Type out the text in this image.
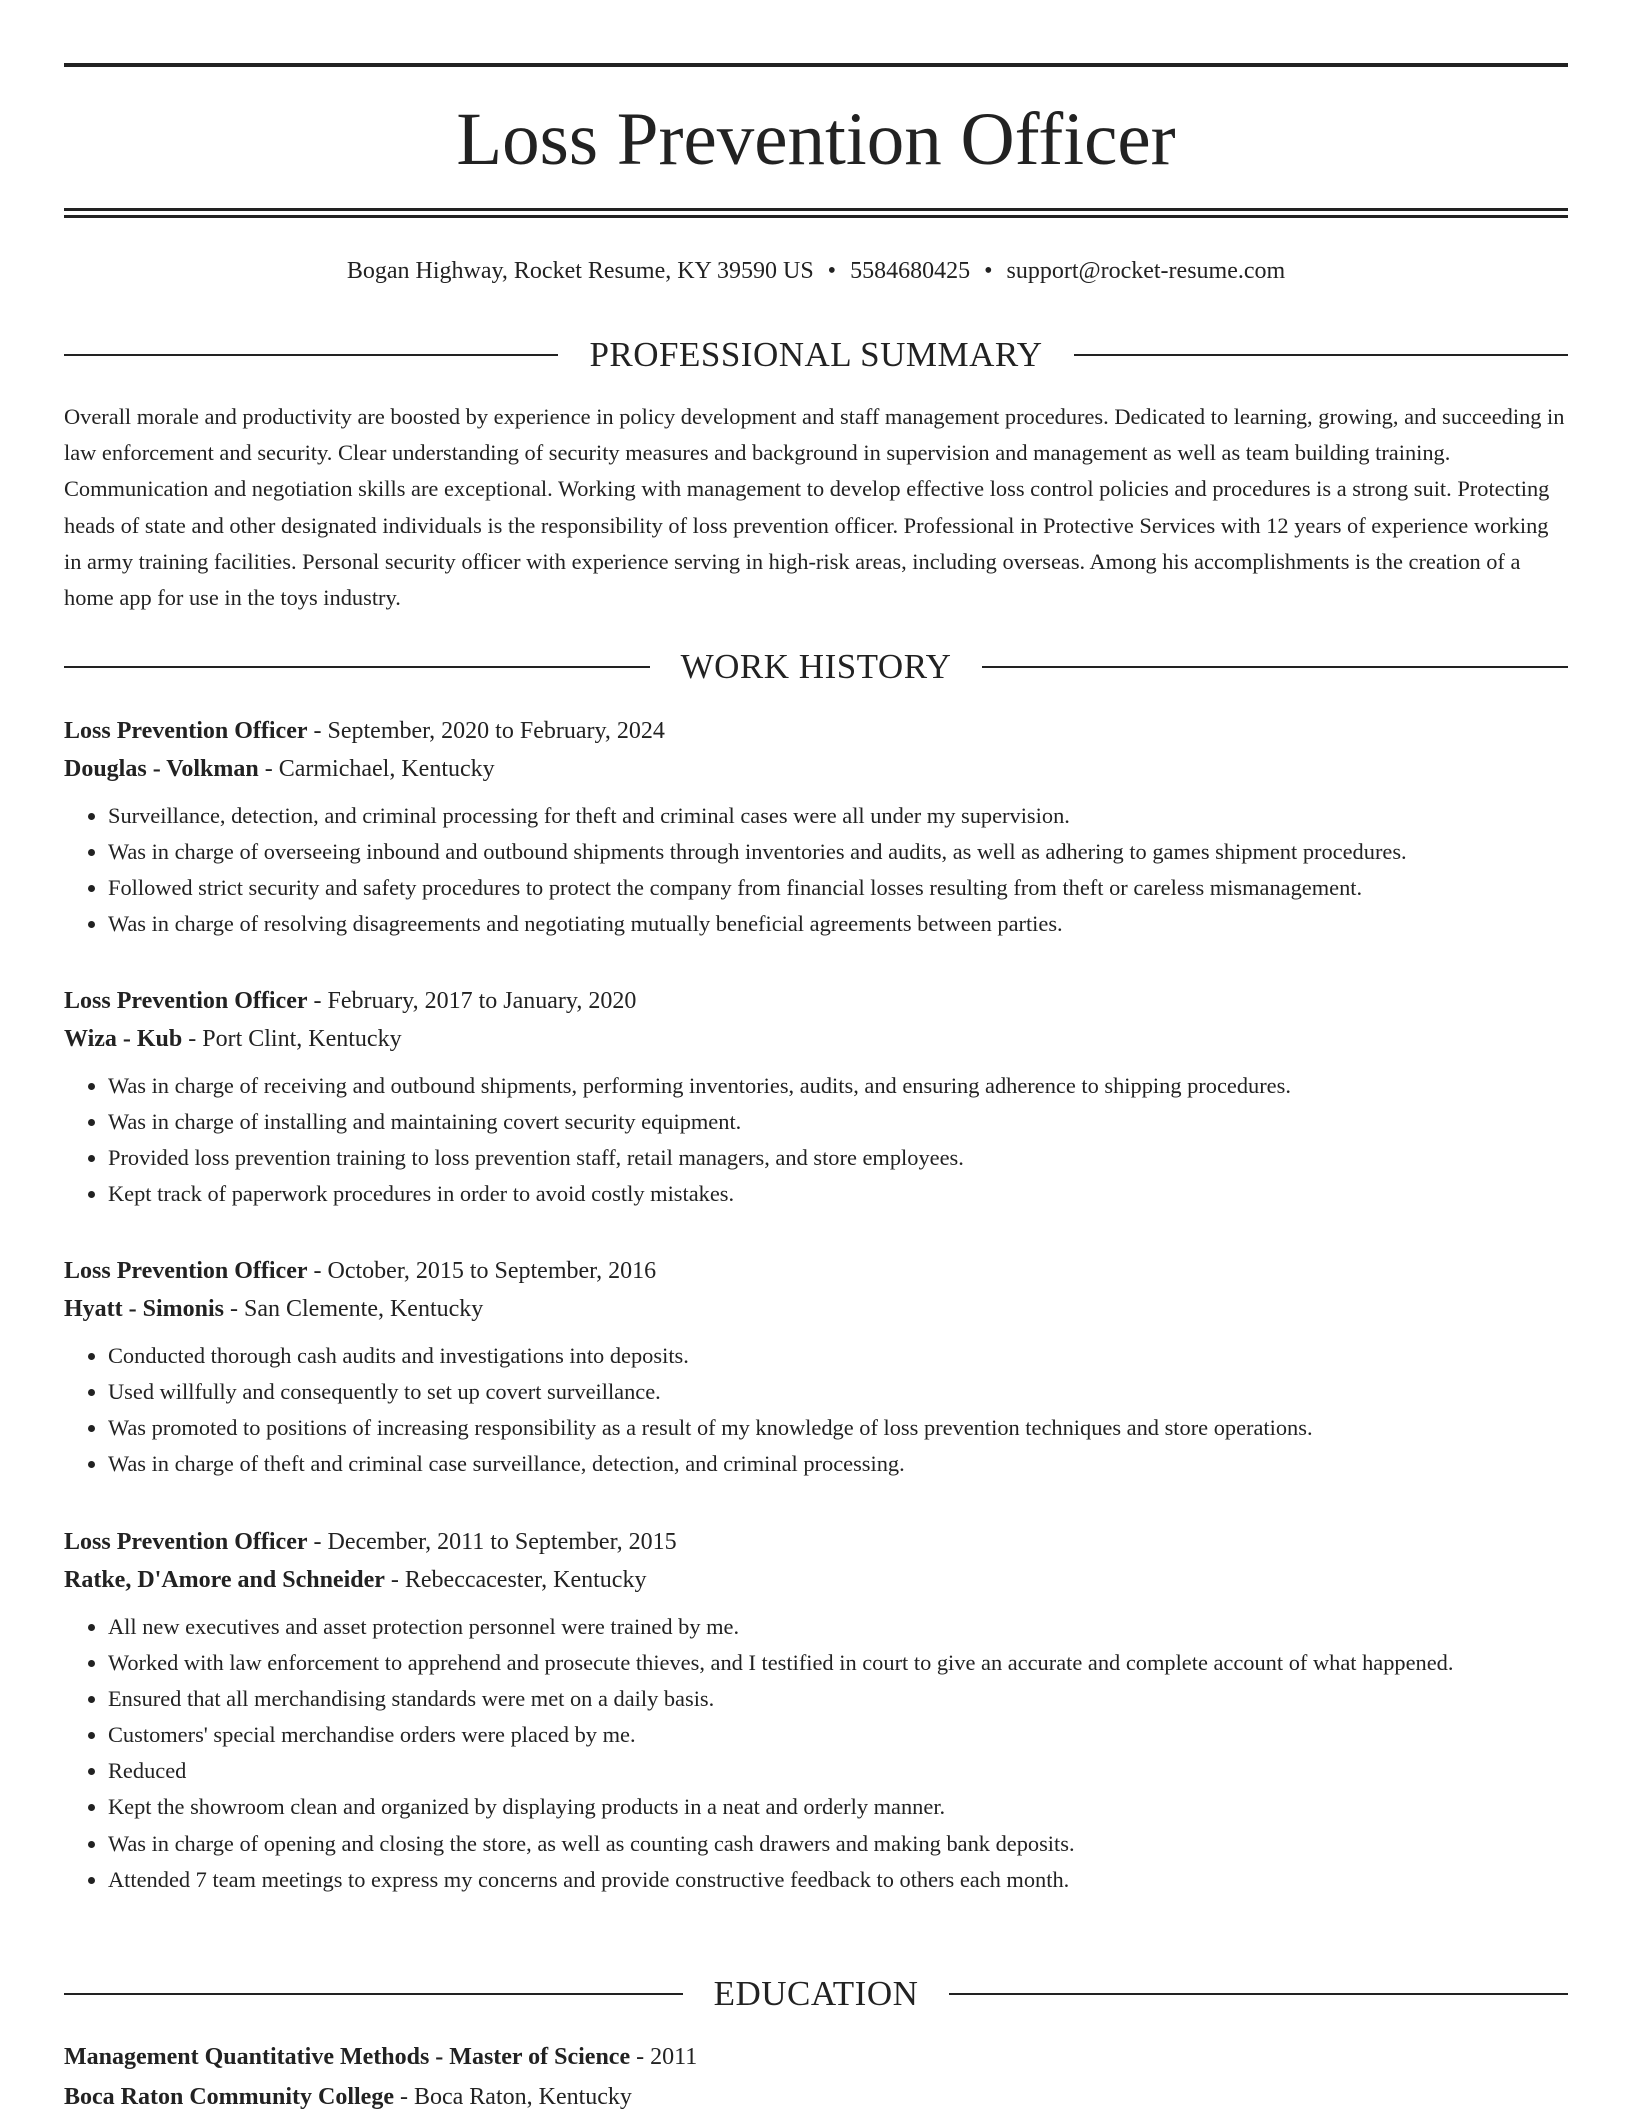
Loss Prevention Officer
Bogan Highway, Rocket Resume, KY 39590 US • 5584680425 • support@rocket-resume.com
PROFESSIONAL SUMMARY

Overall morale and productivity are boosted by experience in policy development and staff management procedures. Dedicated to learning, growing, and succeeding in law enforcement and security. Clear understanding of security measures and background in supervision and management as well as team building training. Communication and negotiation skills are exceptional. Working with management to develop effective loss control policies and procedures is a strong suit. Protecting heads of state and other designated individuals is the responsibility of loss prevention officer. Professional in Protective Services with 12 years of experience working in army training facilities. Personal security officer with experience serving in high-risk areas, including overseas. Among his accomplishments is the creation of a home app for use in the toys industry.

WORK HISTORY
Loss Prevention Officer - September, 2020 to February, 2024
Douglas - Volkman - Carmichael, Kentucky
• Surveillance, detection, and criminal processing for theft and criminal cases were all under my supervision.
• Was in charge of overseeing inbound and outbound shipments through inventories and audits, as well as adhering to games shipment procedures.
• Followed strict security and safety procedures to protect the company from financial losses resulting from theft or careless mismanagement.
• Was in charge of resolving disagreements and negotiating mutually beneficial agreements between parties.
Loss Prevention Officer - February, 2017 to January, 2020
Wiza - Kub - Port Clint, Kentucky
• Was in charge of receiving and outbound shipments, performing inventories, audits, and ensuring adherence to shipping procedures.
• Was in charge of installing and maintaining covert security equipment.
• Provided loss prevention training to loss prevention staff, retail managers, and store employees.
• Kept track of paperwork procedures in order to avoid costly mistakes.
Loss Prevention Officer - October, 2015 to September, 2016
Hyatt - Simonis - San Clemente, Kentucky
• Conducted thorough cash audits and investigations into deposits.
• Used willfully and consequently to set up covert surveillance.
• Was promoted to positions of increasing responsibility as a result of my knowledge of loss prevention techniques and store operations.
• Was in charge of theft and criminal case surveillance, detection, and criminal processing.
Loss Prevention Officer - December, 2011 to September, 2015
Ratke, D'Amore and Schneider - Rebeccacester, Kentucky
• All new executives and asset protection personnel were trained by me.
• Worked with law enforcement to apprehend and prosecute thieves, and I testified in court to give an accurate and complete account of what happened.
• Ensured that all merchandising standards were met on a daily basis.
• Customers' special merchandise orders were placed by me.
• Reduced
• Kept the showroom clean and organized by displaying products in a neat and orderly manner.
• Was in charge of opening and closing the store, as well as counting cash drawers and making bank deposits.
• Attended 7 team meetings to express my concerns and provide constructive feedback to others each month.
EDUCATION
Management Quantitative Methods - Master of Science - 2011
Boca Raton Community College - Boca Raton, Kentucky
